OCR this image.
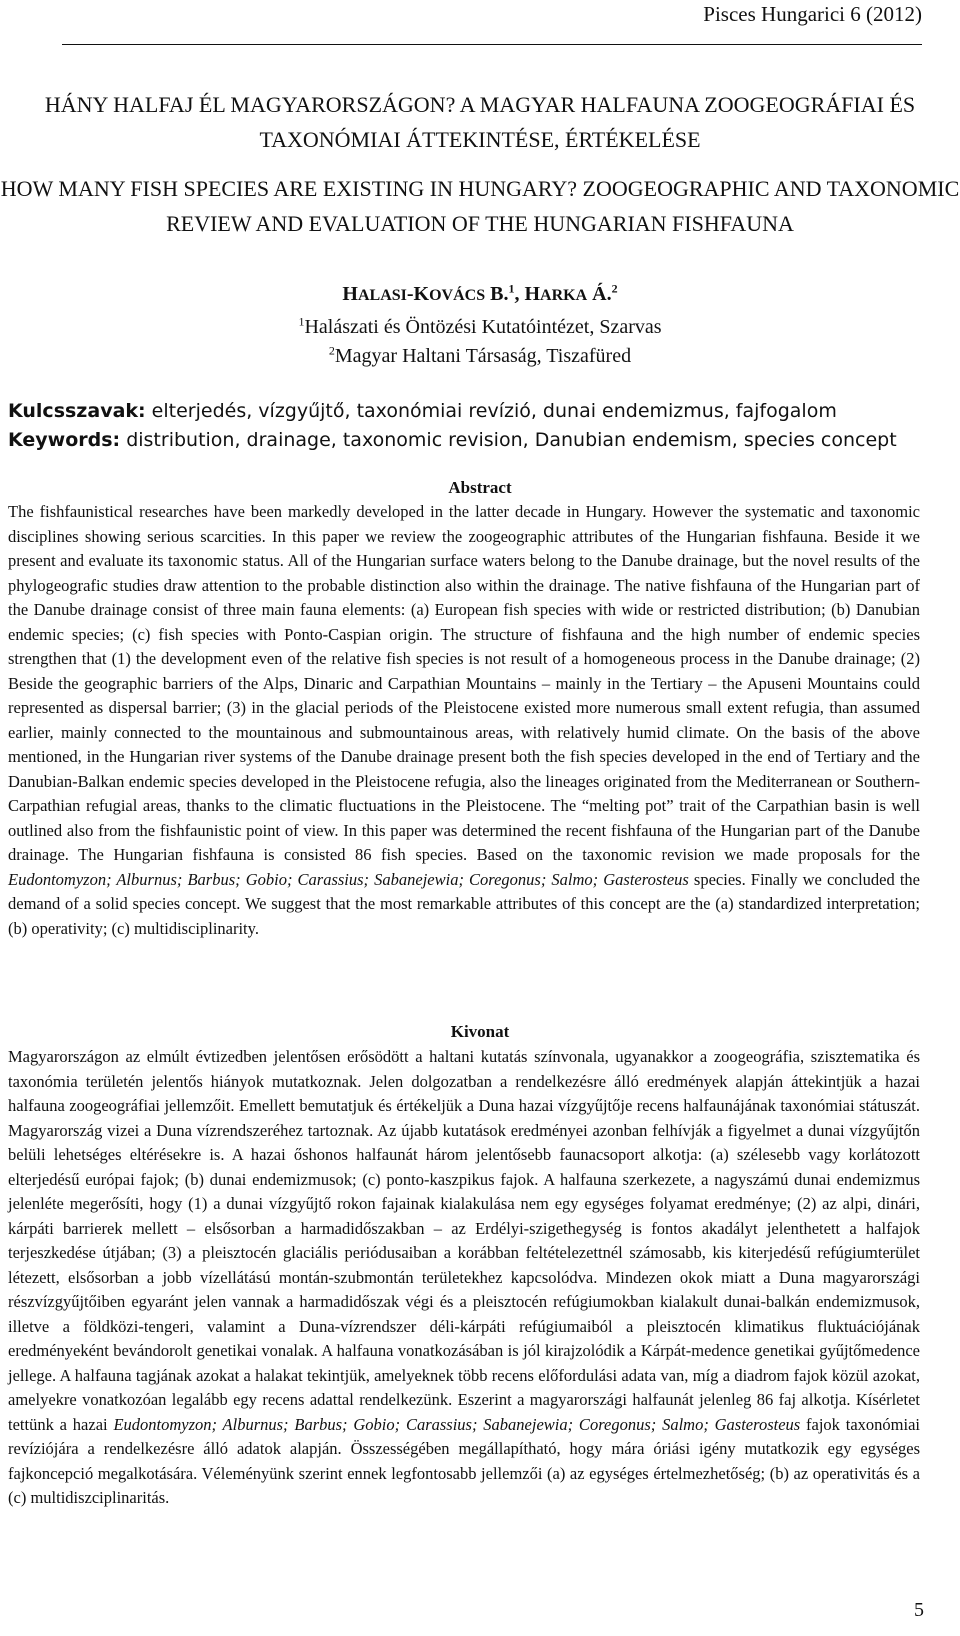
Pisces Hungarici 6 (2012)
HÁNY HALFAJ ÉL MAGYARORSZÁGON? A MAGYAR HALFAUNA ZOOGEOGRÁFIAI ÉS TAXONÓMIAI ÁTTEKINTÉSE, ÉRTÉKELÉSE
HOW MANY FISH SPECIES ARE EXISTING IN HUNGARY? ZOOGEOGRAPHIC AND TAXONOMIC REVIEW AND EVALUATION OF THE HUNGARIAN FISHFAUNA
HALASI-KOVÁCS B.$^1$, HARKA Á.$^2$
$^1$Halászati és Öntözési Kutatóintézet, Szarvas
$^2$Magyar Haltani Társaság, Tiszafüred
Kulcsszavak: elterjedés, vízgyűjtő, taxonómiai revízió, dunai endemizmus, fajfogalom
Keywords: distribution, drainage, taxonomic revision, Danubian endemism, species concept
Abstract

The fishfaunistical researches have been markedly developed in the latter decade in Hungary. However the systematic and taxonomic disciplines showing serious scarcities. In this paper we review the zoogeographic attributes of the Hungarian fishfauna. Beside it we present and evaluate its taxonomic status. All of the Hungarian surface waters belong to the Danube drainage, but the novel results of the phylogeografic studies draw attention to the probable distinction also within the drainage. The native fishfauna of the Hungarian part of the Danube drainage consist of three main fauna elements: (a) European fish species with wide or restricted distribution; (b) Danubian endemic species; (c) fish species with Ponto-Caspian origin. The structure of fishfauna and the high number of endemic species strengthen that (1) the development even of the relative fish species is not result of a homogeneous process in the Danube drainage; (2) Beside the geographic barriers of the Alps, Dinaric and Carpathian Mountains – mainly in the Tertiary – the Apuseni Mountains could represented as dispersal barrier; (3) in the glacial periods of the Pleistocene existed more numerous small extent refugia, than assumed earlier, mainly connected to the mountainous and submountainous areas, with relatively humid climate. On the basis of the above mentioned, in the Hungarian river systems of the Danube drainage present both the fish species developed in the end of Tertiary and the Danubian-Balkan endemic species developed in the Pleistocene refugia, also the lineages originated from the Mediterranean or Southern-Carpathian refugial areas, thanks to the climatic fluctuations in the Pleistocene. The “melting pot” trait of the Carpathian basin is well outlined also from the fishfaunistic point of view. In this paper was determined the recent fishfauna of the Hungarian part of the Danube drainage. The Hungarian fishfauna is consisted 86 fish species. Based on the taxonomic revision we made proposals for the Eudontomyzon; Alburnus; Barbus; Gobio; Carassius; Sabanejewia; Coregonus; Salmo; Gasterosteus species. Finally we concluded the demand of a solid species concept. We suggest that the most remarkable attributes of this concept are the (a) standardized interpretation; (b) operativity; (c) multidisciplinarity.

Kivonat

Magyarországon az elmúlt évtizedben jelentősen erősödött a haltani kutatás színvonala, ugyanakkor a zoogeográfia, szisztematika és taxonómia területén jelentős hiányok mutatkoznak. Jelen dolgozatban a rendelkezésre álló eredmények alapján áttekintjük a hazai halfauna zoogeográfiai jellemzőit. Emellett bemutatjuk és értékeljük a Duna hazai vízgyűjtője recens halfaunájának taxonómiai státuszát. Magyarország vizei a Duna vízrendszeréhez tartoznak. Az újabb kutatások eredményei azonban felhívják a figyelmet a dunai vízgyűjtőn belüli lehetséges eltérésekre is. A hazai őshonos halfaunát három jelentősebb faunacsoport alkotja: (a) szélesebb vagy korlátozott elterjedésű európai fajok; (b) dunai endemizmusok; (c) ponto-kaszpikus fajok. A halfauna szerkezete, a nagyszámú dunai endemizmus jelenléte megerősíti, hogy (1) a dunai vízgyűjtő rokon fajainak kialakulása nem egy egységes folyamat eredménye; (2) az alpi, dinári, kárpáti barrierek mellett – elsősorban a harmadidőszakban – az Erdélyi-szigethegység is fontos akadályt jelenthetett a halfajok terjeszkedése útjában; (3) a pleisztocén glaciális periódusaiban a korábban feltételezettnél számosabb, kis kiterjedésű refúgiumterület létezett, elsősorban a jobb vízellátású montán-szubmontán területekhez kapcsolódva. Mindezen okok miatt a Duna magyarországi részvízgyűjtőiben egyaránt jelen vannak a harmadidőszak végi és a pleisztocén refúgiumokban kialakult dunai-balkán endemizmusok, illetve a földközi-tengeri, valamint a Duna-vízrendszer déli-kárpáti refúgiumaiból a pleisztocén klimatikus fluktuációjának eredményeként bevándorolt genetikai vonalak. A halfauna vonatkozásában is jól kirajzolódik a Kárpát-medence genetikai gyűjtőmedence jellege. A halfauna tagjának azokat a halakat tekintjük, amelyeknek több recens előfordulási adata van, míg a diadrom fajok közül azokat, amelyekre vonatkozóan legalább egy recens adattal rendelkezünk. Eszerint a magyarországi halfaunát jelenleg 86 faj alkotja. Kísérletet tettünk a hazai Eudontomyzon; Alburnus; Barbus; Gobio; Carassius; Sabanejewia; Coregonus; Salmo; Gasterosteus fajok taxonómiai revíziójára a rendelkezésre álló adatok alapján. Összességében megállapítható, hogy mára óriási igény mutatkozik egy egységes fajkoncepció megalkotására. Véleményünk szerint ennek legfontosabb jellemzői (a) az egységes értelmezhetőség; (b) az operativitás és a (c) multidiszciplinaritás.

5
